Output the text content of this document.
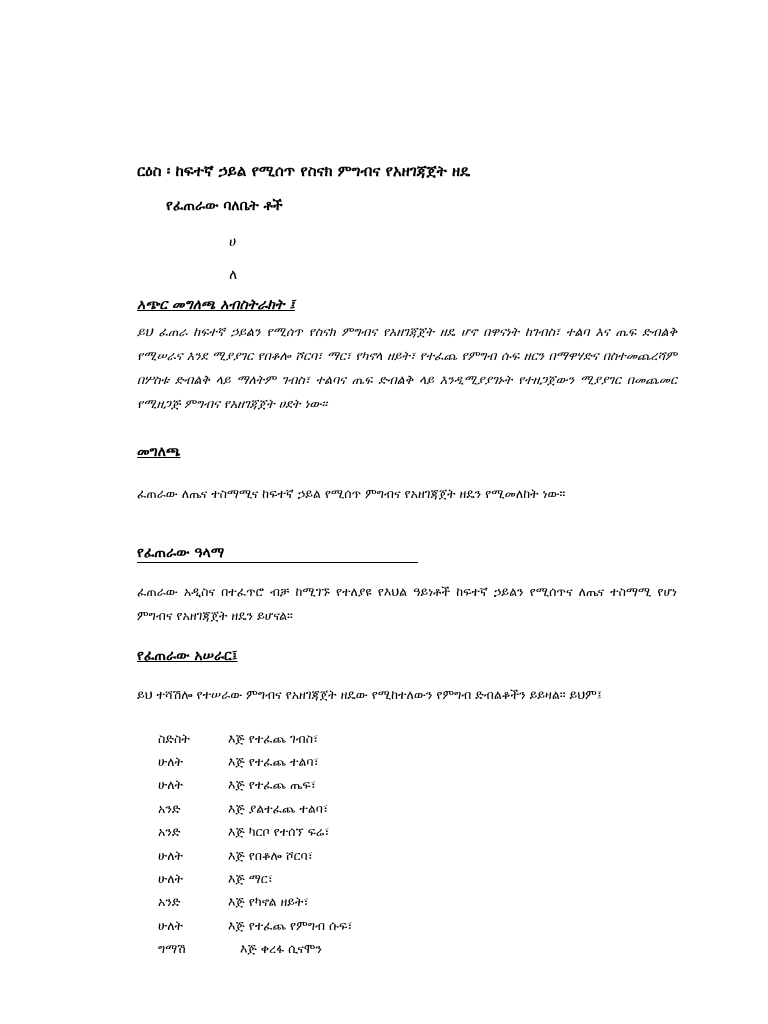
ርዕስ ፡ ከፍተኛ ኃይል የሚሰጥ የስናክ ምግብና የአዘገጃጀት ዘዴ
የፈጠራው ባለቤት ቶች
ሀ
ለ
አጭር መግለጫ አብስትራክት ፤
ይህ ፈጠራ ከፍተኛ ኃይልን የሚሰጥ የስናክ ምግብና የአዘገጃጀት ዘዴ ሆኖ በዋናነት ከገብስ፣ ተልባ እና ጤፍ ድብልቅ የሚሠራና እንደ ሚያያገር የበቆሎ ሾርባ፣ ማር፣ የካኖላ ዘይት፣ የተፈጨ የምግብ ሱፍ ዘርን በማዋሃድና በስተመጨረሻም በሦስቱ ድብልቅ ላይ ማለትም ገብስ፣ ተልባና ጤፍ ድብልቅ ላይ እንዲሚያያገኑት የተዘጋጀውን ሚያያገር በመጨመር የሚዘጋጅ ምግብና የአዘገጃጀት ሀደት ነው።
መግለጫ
ፈጠራው ለጤና ተስማሚና ከፍተኛ ኃይል የሚሰጥ ምግብና የአዘገጃጀት ዘዴን የሚመለከት ነው።
የፈጠራው ዓላማ
ፈጠራው አዲስና በተፈጥሮ ብቻ ከሚገኙ የተለያዩ የእህል ዓይነቶች ከፍተኛ ኃይልን የሚሰጥና ለጤና ተስማሚ የሆነ ምግብና የአዘገጃጀት ዘዴን ይሆናል።
የፈጠራው አሠራር፤
ይህ ተሻሽሎ የተሠራው ምግብና የአዘገጃጀት ዘዴው የሚከተለውን የምግብ ድብልቆችን ይይዛል። ይህም፤
ስድስት	እጅ የተፈጨ ገብስ፣
ሁለት	እጅ የተፈጨ ተልባ፣
ሁለት	እጅ የተፈጨ ጤፍ፣
አንድ	እጅ ያልተፈጨ ተልባ፣
አንድ	እጅ ካርቦ የተሰኘ ፍሬ፣
ሁለት	እጅ የበቆሎ ሾርባ፣
ሁለት	እጅ ማር፣
አንድ	እጅ የካኖል ዘይት፣
ሁለት	እጅ የተፈጨ የምግብ ሱፍ፣
ግማሽ	እጅ ቀረፋ ሲናሞን
